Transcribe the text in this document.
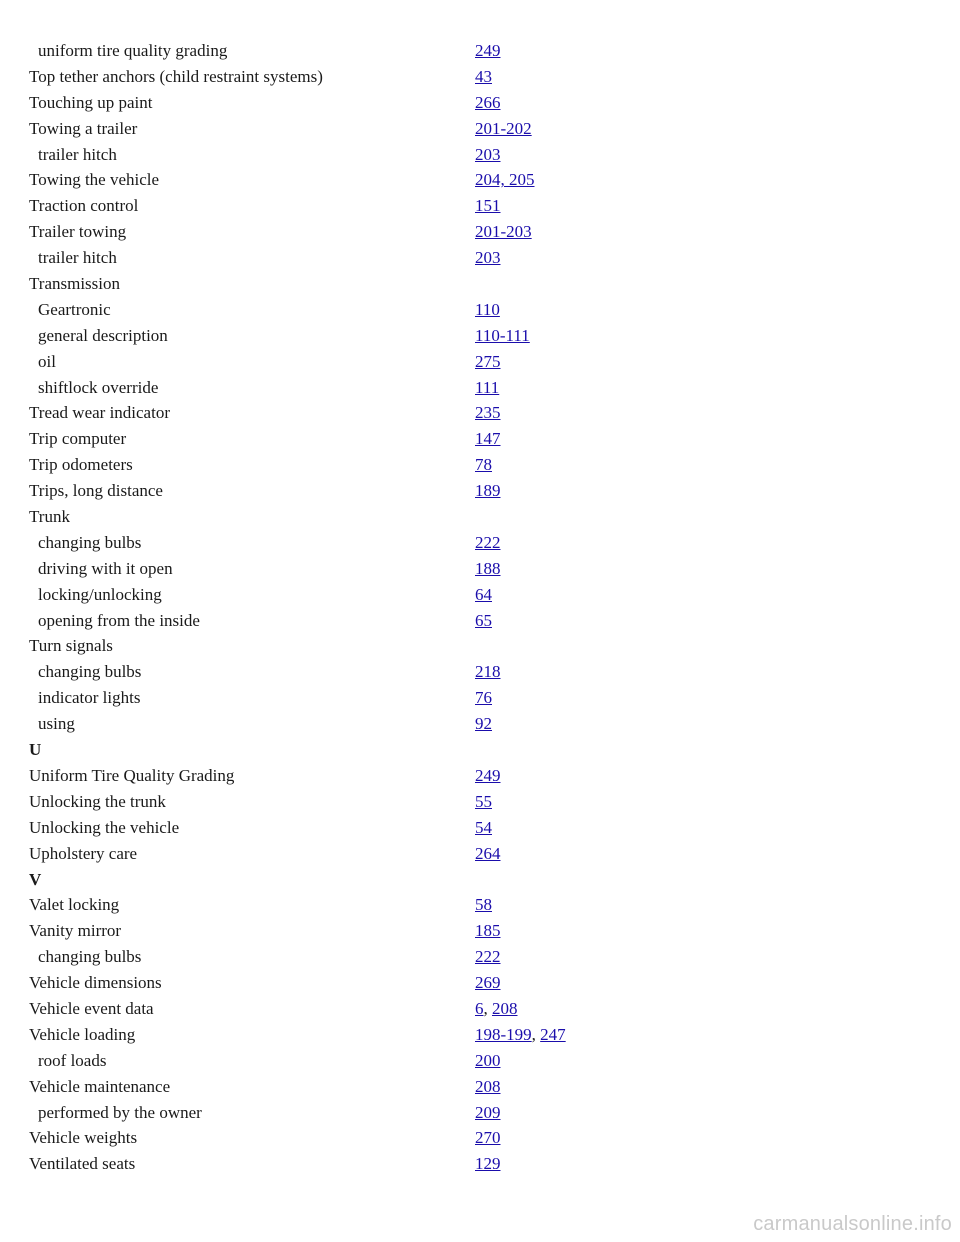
uniform tire quality grading	249
Top tether anchors (child restraint systems)	43
Touching up paint	266
Towing a trailer	201-202
trailer hitch	203
Towing the vehicle	204, 205
Traction control	151
Trailer towing	201-203
trailer hitch	203
Transmission
Geartronic	110
general description	110-111
oil	275
shiftlock override	111
Tread wear indicator	235
Trip computer	147
Trip odometers	78
Trips, long distance	189
Trunk
changing bulbs	222
driving with it open	188
locking/unlocking	64
opening from the inside	65
Turn signals
changing bulbs	218
indicator lights	76
using	92
U
Uniform Tire Quality Grading	249
Unlocking the trunk	55
Unlocking the vehicle	54
Upholstery care	264
V
Valet locking	58
Vanity mirror	185
changing bulbs	222
Vehicle dimensions	269
Vehicle event data	6, 208
Vehicle loading	198-199, 247
roof loads	200
Vehicle maintenance	208
performed by the owner	209
Vehicle weights	270
Ventilated seats	129
carmanualsonline.info
